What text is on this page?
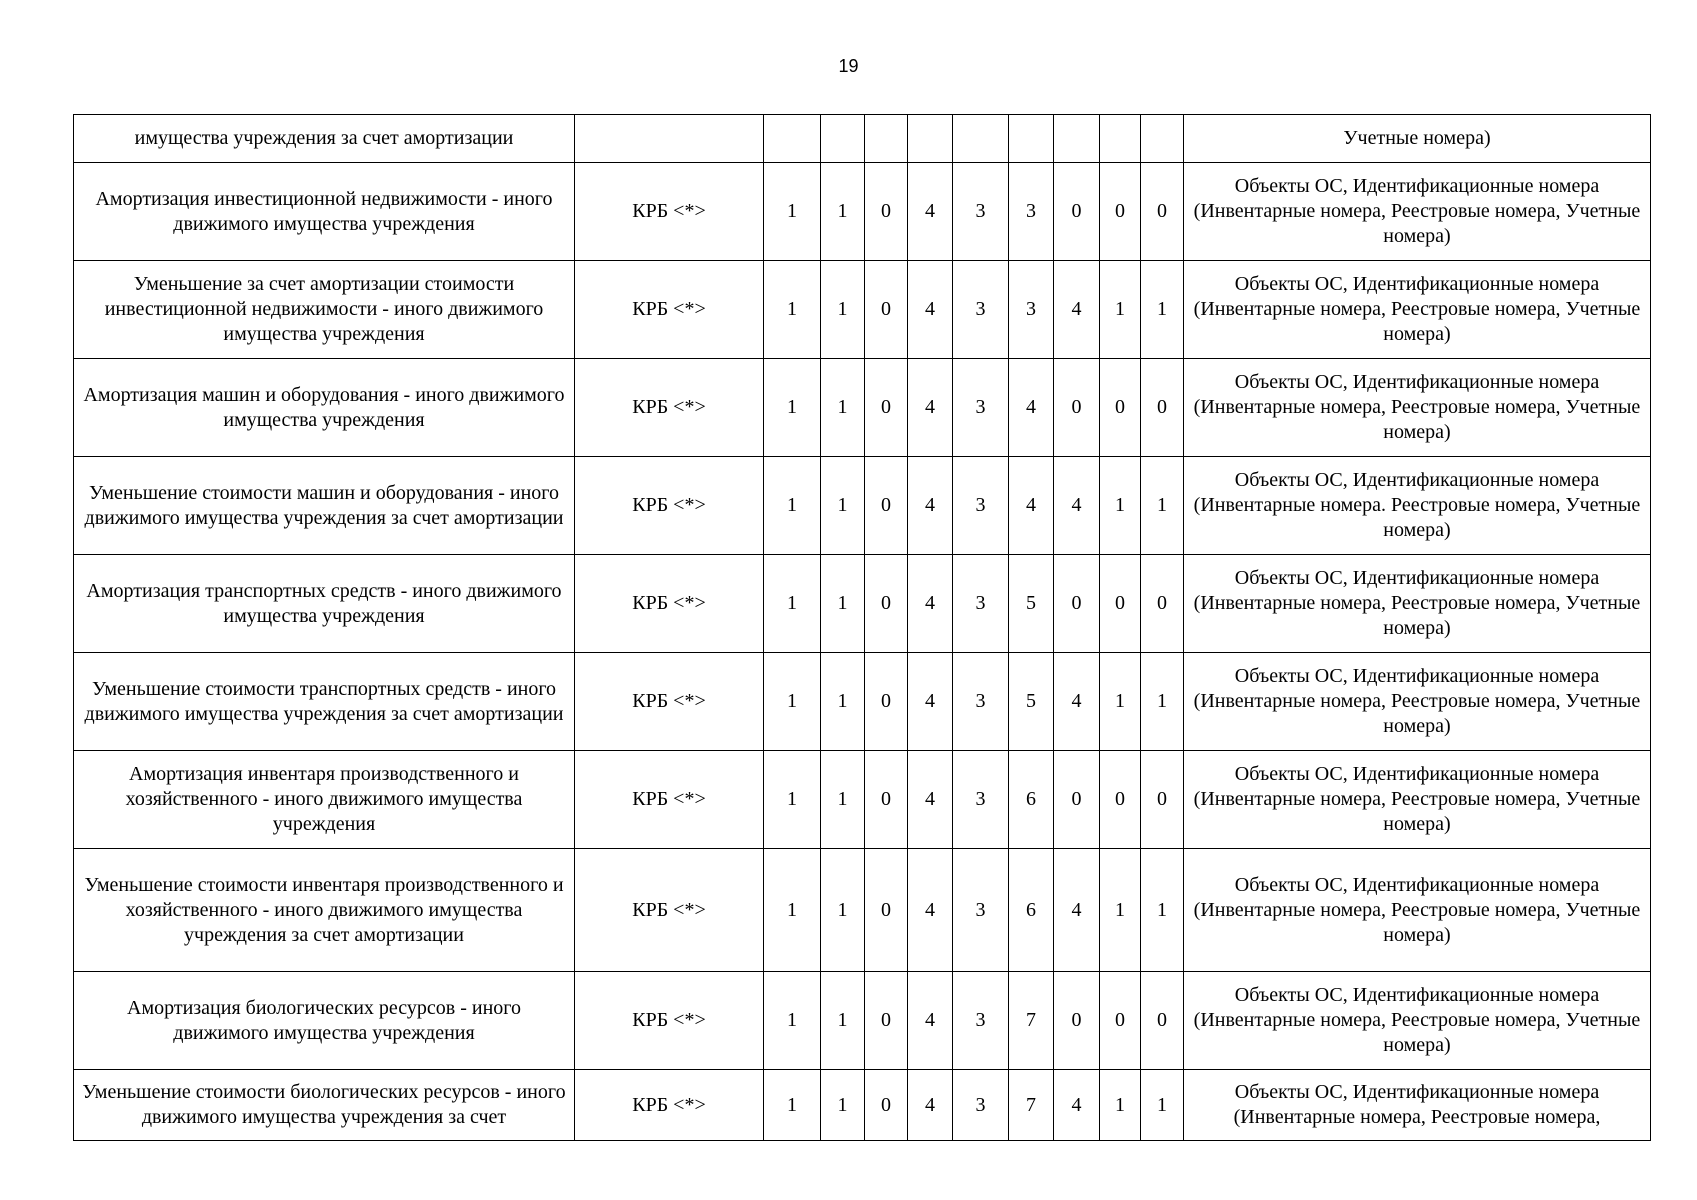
19
имущества учреждения за счет амортизации											Учетные номера)
Амортизация инвестиционной недвижимости - иного движимого имущества учреждения	КРБ <*>	1	1	0	4	3	3	0	0	0	Объекты ОС, Идентификационные номера (Инвентарные номера, Реестровые номера, Учетные номера)
Уменьшение за счет амортизации стоимости инвестиционной недвижимости - иного движимого имущества учреждения	КРБ <*>	1	1	0	4	3	3	4	1	1	Объекты ОС, Идентификационные номера (Инвентарные номера, Реестровые номера, Учетные номера)
Амортизация машин и оборудования - иного движимого имущества учреждения	КРБ <*>	1	1	0	4	3	4	0	0	0	Объекты ОС, Идентификационные номера (Инвентарные номера, Реестровые номера, Учетные номера)
Уменьшение стоимости машин и оборудования - иного движимого имущества учреждения за счет амортизации	КРБ <*>	1	1	0	4	3	4	4	1	1	Объекты ОС, Идентификационные номера (Инвентарные номера. Реестровые номера, Учетные номера)
Амортизация транспортных средств - иного движимого имущества учреждения	КРБ <*>	1	1	0	4	3	5	0	0	0	Объекты ОС, Идентификационные номера (Инвентарные номера, Реестровые номера, Учетные номера)
Уменьшение стоимости транспортных средств - иного движимого имущества учреждения за счет амортизации	КРБ <*>	1	1	0	4	3	5	4	1	1	Объекты ОС, Идентификационные номера (Инвентарные номера, Реестровые номера, Учетные номера)
Амортизация инвентаря производственного и хозяйственного - иного движимого имущества учреждения	КРБ <*>	1	1	0	4	3	6	0	0	0	Объекты ОС, Идентификационные номера (Инвентарные номера, Реестровые номера, Учетные номера)
Уменьшение стоимости инвентаря производственного и хозяйственного - иного движимого имущества учреждения за счет амортизации	КРБ <*>	1	1	0	4	3	6	4	1	1	Объекты ОС, Идентификационные номера (Инвентарные номера, Реестровые номера, Учетные номера)
Амортизация биологических ресурсов - иного движимого имущества учреждения	КРБ <*>	1	1	0	4	3	7	0	0	0	Объекты ОС, Идентификационные номера (Инвентарные номера, Реестровые номера, Учетные номера)
Уменьшение стоимости биологических ресурсов - иного движимого имущества учреждения за счет	КРБ <*>	1	1	0	4	3	7	4	1	1	Объекты ОС, Идентификационные номера (Инвентарные номера, Реестровые номера,
